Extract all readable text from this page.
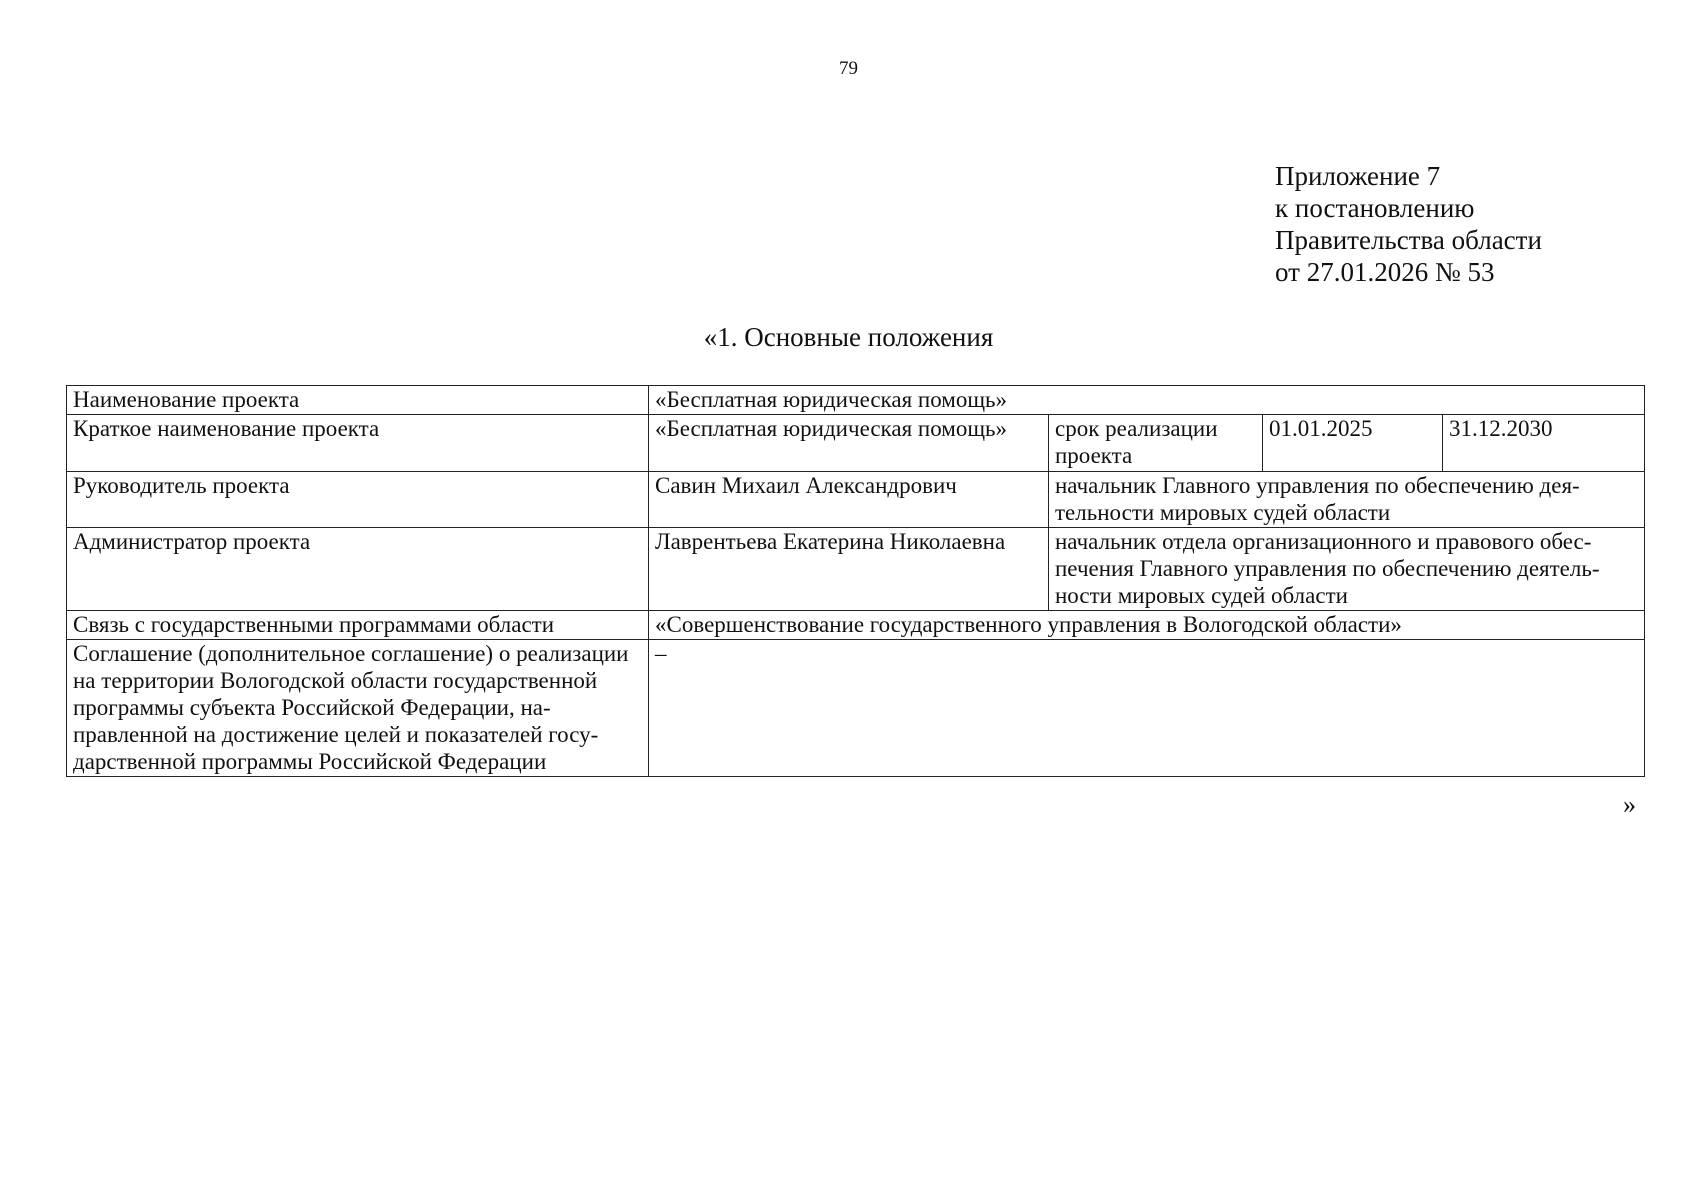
79
Приложение 7
к постановлению
Правительства области
от 27.01.2026 № 53
«1. Основные положения
Наименование проекта	«Бесплатная юридическая помощь»			
Краткое наименование проекта	«Бесплатная юридическая помощь»	срок реализации проекта	01.01.2025	31.12.2030
Руководитель проекта	Савин Михаил Александрович	начальник Главного управления по обеспечению деятельности мировых судей области		
Администратор проекта	Лаврентьева Екатерина Николаевна	начальник отдела организационного и правового обеспечения Главного управления по обеспечению деятельности мировых судей области		
Связь с государственными программами области	«Совершенствование государственного управления в Вологодской области»			
Соглашение (дополнительное соглашение) о реализации на территории Вологодской области государственной программы субъекта Российской Федерации, направленной на достижение целей и показателей государственной программы Российской Федерации	–			
»
